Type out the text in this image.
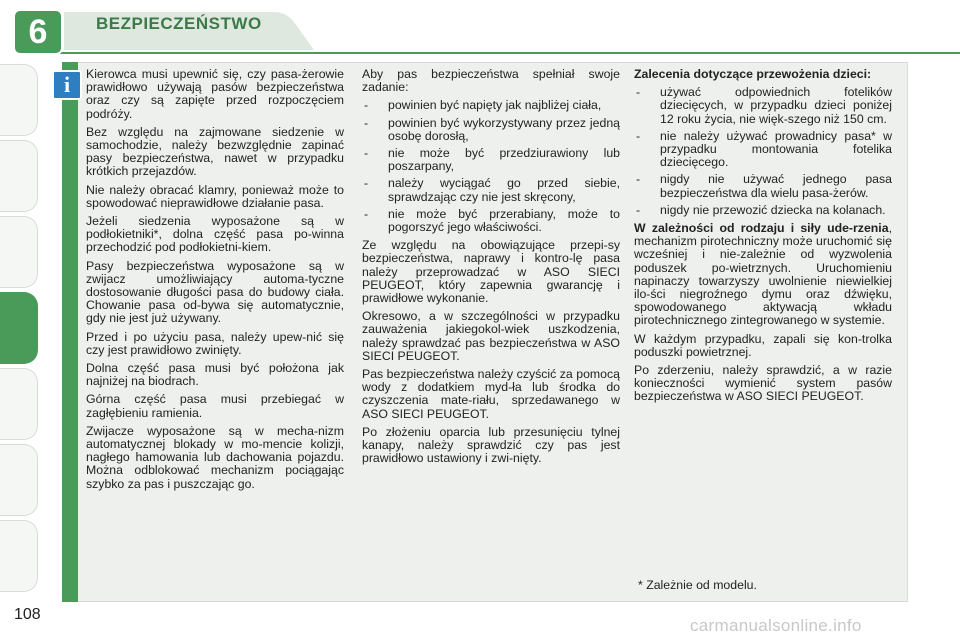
6	BEZPIECZEŃSTWO
i	Kierowca musi upewnić się, czy pasa-żerowie prawidłowo używają pasów bezpieczeństwa oraz czy są zapięte przed rozpoczęciem podróży.

Bez względu na zajmowane siedzenie w samochodzie, należy bezwzględnie zapinać pasy bezpieczeństwa, nawet w przypadku krótkich przejazdów.

Nie należy obracać klamry, ponieważ może to spowodować nieprawidłowe działanie pasa.

Jeżeli siedzenia wyposażone są w podłokietniki*, dolna część pasa po-winna przechodzić pod podłokietni-kiem.

Pasy bezpieczeństwa wyposażone są w zwijacz umożliwiający automa-tyczne dostosowanie długości pasa do budowy ciała. Chowanie pasa od-bywa się automatycznie, gdy nie jest już używany.

Przed i po użyciu pasa, należy upew-nić się czy jest prawidłowo zwinięty.

Dolna część pasa musi być położona jak najniżej na biodrach.

Górna część pasa musi przebiegać w zagłębieniu ramienia.

Zwijacze wyposażone są w mecha-nizm automatycznej blokady w mo-mencie kolizji, nagłego hamowania lub dachowania pojazdu. Można odblokować mechanizm pociągając szybko za pas i puszczając go.

Aby pas bezpieczeństwa spełniał swoje zadanie:

- powinien być napięty jak najbliżej ciała,
- powinien być wykorzystywany przez jedną osobę dorosłą,
- nie może być przedziurawiony lub poszarpany,
- należy wyciągać go przed siebie, sprawdzając czy nie jest skręcony,
- nie może być przerabiany, może to pogorszyć jego właściwości.

Ze względu na obowiązujące przepi-sy bezpieczeństwa, naprawy i kontro-lę pasa należy przeprowadzać w ASO SIECI PEUGEOT, który zapewnia gwarancję i prawidłowe wykonanie.

Okresowo, a w szczególności w przypadku zauważenia jakiegokol-wiek uszkodzenia, należy sprawdzać pas bezpieczeństwa w ASO SIECI PEUGEOT.

Pas bezpieczeństwa należy czyścić za pomocą wody z dodatkiem myd-ła lub środka do czyszczenia mate-riału, sprzedawanego w ASO SIECI PEUGEOT.

Po złożeniu oparcia lub przesunięciu tylnej kanapy, należy sprawdzić czy pas jest prawidłowo ustawiony i zwi-nięty.

Zalecenia dotyczące przewożenia dzieci:

- używać odpowiednich fotelików dziecięcych, w przypadku dzieci poniżej 12 roku życia, nie więk-szego niż 150 cm.
- nie należy używać prowadnicy pasa* w przypadku montowania fotelika dziecięcego.
- nigdy nie używać jednego pasa bezpieczeństwa dla wielu pasa-żerów.
- nigdy nie przewozić dziecka na kolanach.

W zależności od rodzaju i siły ude-rzenia, mechanizm pirotechniczny może uruchomić się wcześniej i nie-zależnie od wyzwolenia poduszek po-wietrznych. Uruchomieniu napinaczy towarzyszy uwolnienie niewielkiej ilo-ści niegroźnego dymu oraz dźwięku, spowodowanego aktywacją wkładu pirotechnicznego zintegrowanego w systemie.

W każdym przypadku, zapali się kon-trolka poduszki powietrznej.

Po zderzeniu, należy sprawdzić, a w razie konieczności wymienić system pasów bezpieczeństwa w ASO SIECI PEUGEOT.

* Zależnie od modelu.
108
carmanualsonline.info
